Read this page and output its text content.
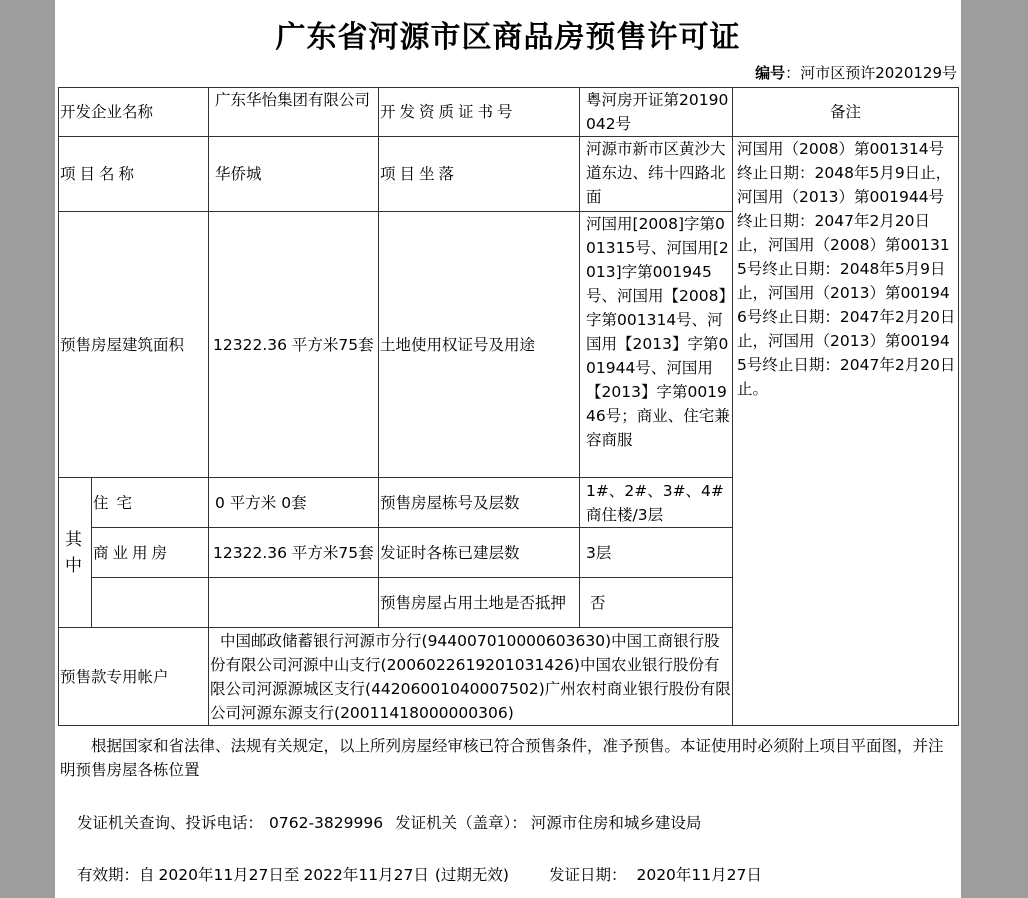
广东省河源市区商品房预售许可证
编号：河市区预许2020129号
开发企业名称		广东华怡集团有限公司	开发资质证书号	粤河房开证第20190042号	备注	
项目名称		华侨城	项目坐落	河源市新市区黄沙大道东边、纬十四路北面	河国用（2008）第001314号终止日期：2048年5月9日止，河国用（2013）第001944号终止日期：2047年2月20日止，河国用（2008）第001315号终止日期：2048年5月9日止，河国用（2013）第001946号终止日期：2047年2月20日止，河国用（2013）第001945号终止日期：2047年2月20日止。	
预售房屋建筑面积		12322.36 平方米75套	土地使用权证号及用途	河国用[2008]字第001315号、河国用[2013]字第001945号、河国用【2008】字第001314号、河国用【2013】字第001944号、河国用【2013】字第001946号；商业、住宅兼容商服		
其中	住宅	0 平方米 0套	预售房屋栋号及层数	1#、2#、3#、4#商住楼/3层		
	商业用房	12322.36 平方米75套	发证时各栋已建层数	3层		
			预售房屋占用土地是否抵押	否		
预售款专用帐户		中国邮政储蓄银行河源市分行(944007010000603630)中国工商银行股份有限公司河源中山支行(2006022619201031426)中国农业银行股份有限公司河源源城区支行(44206001040007502)广州农村商业银行股份有限公司河源东源支行(20011418000000306)				
根据国家和省法律、法规有关规定，以上所列房屋经审核已符合预售条件，准予预售。本证使用时必须附上项目平面图，并注明预售房屋各栋位置
发证机关查询、投诉电话： 0762-3829996 发证机关（盖章）： 河源市住房和城乡建设局
有效期：自 2020年11月27日至 2022年11月27日 (过期无效)	发证日期： 2020年11月27日
